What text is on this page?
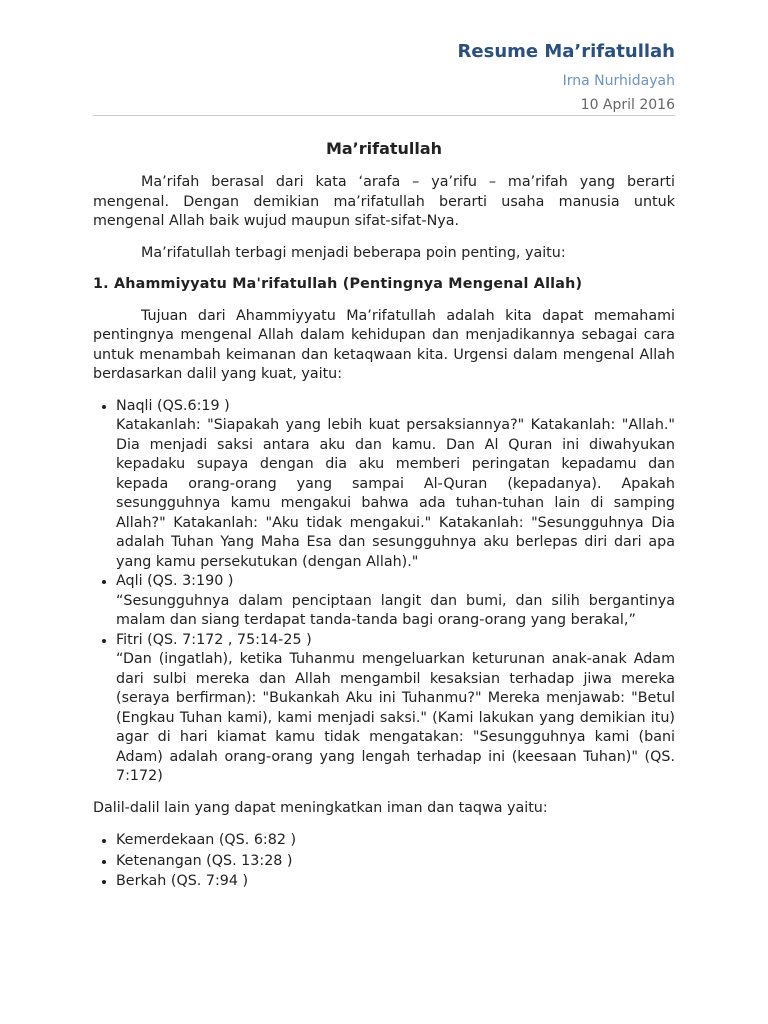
Resume Ma’rifatullah
Irna Nurhidayah
10 April 2016
Ma’rifatullah

Ma’rifah berasal dari kata ‘arafa – ya’rifu – ma’rifah yang berarti mengenal. Dengan demikian ma’rifatullah berarti usaha manusia untuk mengenal Allah baik wujud maupun sifat-sifat-Nya.

Ma’rifatullah terbagi menjadi beberapa poin penting, yaitu:

1. Ahammiyyatu Ma'rifatullah (Pentingnya Mengenal Allah)

Tujuan dari Ahammiyyatu Ma’rifatullah adalah kita dapat memahami pentingnya mengenal Allah dalam kehidupan dan menjadikannya sebagai cara untuk menambah keimanan dan ketaqwaan kita. Urgensi dalam mengenal Allah berdasarkan dalil yang kuat, yaitu:

• Naqli (QS.6:19 )
Katakanlah: "Siapakah yang lebih kuat persaksiannya?" Katakanlah: "Allah." Dia menjadi saksi antara aku dan kamu. Dan Al Quran ini diwahyukan kepadaku supaya dengan dia aku memberi peringatan kepadamu dan kepada orang-orang yang sampai Al-Quran (kepadanya). Apakah sesungguhnya kamu mengakui bahwa ada tuhan-tuhan lain di samping Allah?" Katakanlah: "Aku tidak mengakui." Katakanlah: "Sesungguhnya Dia adalah Tuhan Yang Maha Esa dan sesungguhnya aku berlepas diri dari apa yang kamu persekutukan (dengan Allah)."
• Aqli (QS. 3:190 )
“Sesungguhnya dalam penciptaan langit dan bumi, dan silih bergantinya malam dan siang terdapat tanda-tanda bagi orang-orang yang berakal,”
• Fitri (QS. 7:172 , 75:14-25 )
“Dan (ingatlah), ketika Tuhanmu mengeluarkan keturunan anak-anak Adam dari sulbi mereka dan Allah mengambil kesaksian terhadap jiwa mereka (seraya berfirman): "Bukankah Aku ini Tuhanmu?" Mereka menjawab: "Betul (Engkau Tuhan kami), kami menjadi saksi." (Kami lakukan yang demikian itu) agar di hari kiamat kamu tidak mengatakan: "Sesungguhnya kami (bani Adam) adalah orang-orang yang lengah terhadap ini (keesaan Tuhan)" (QS. 7:172)

Dalil-dalil lain yang dapat meningkatkan iman dan taqwa yaitu:

• Kemerdekaan (QS. 6:82 )
• Ketenangan (QS. 13:28 )
• Berkah (QS. 7:94 )
